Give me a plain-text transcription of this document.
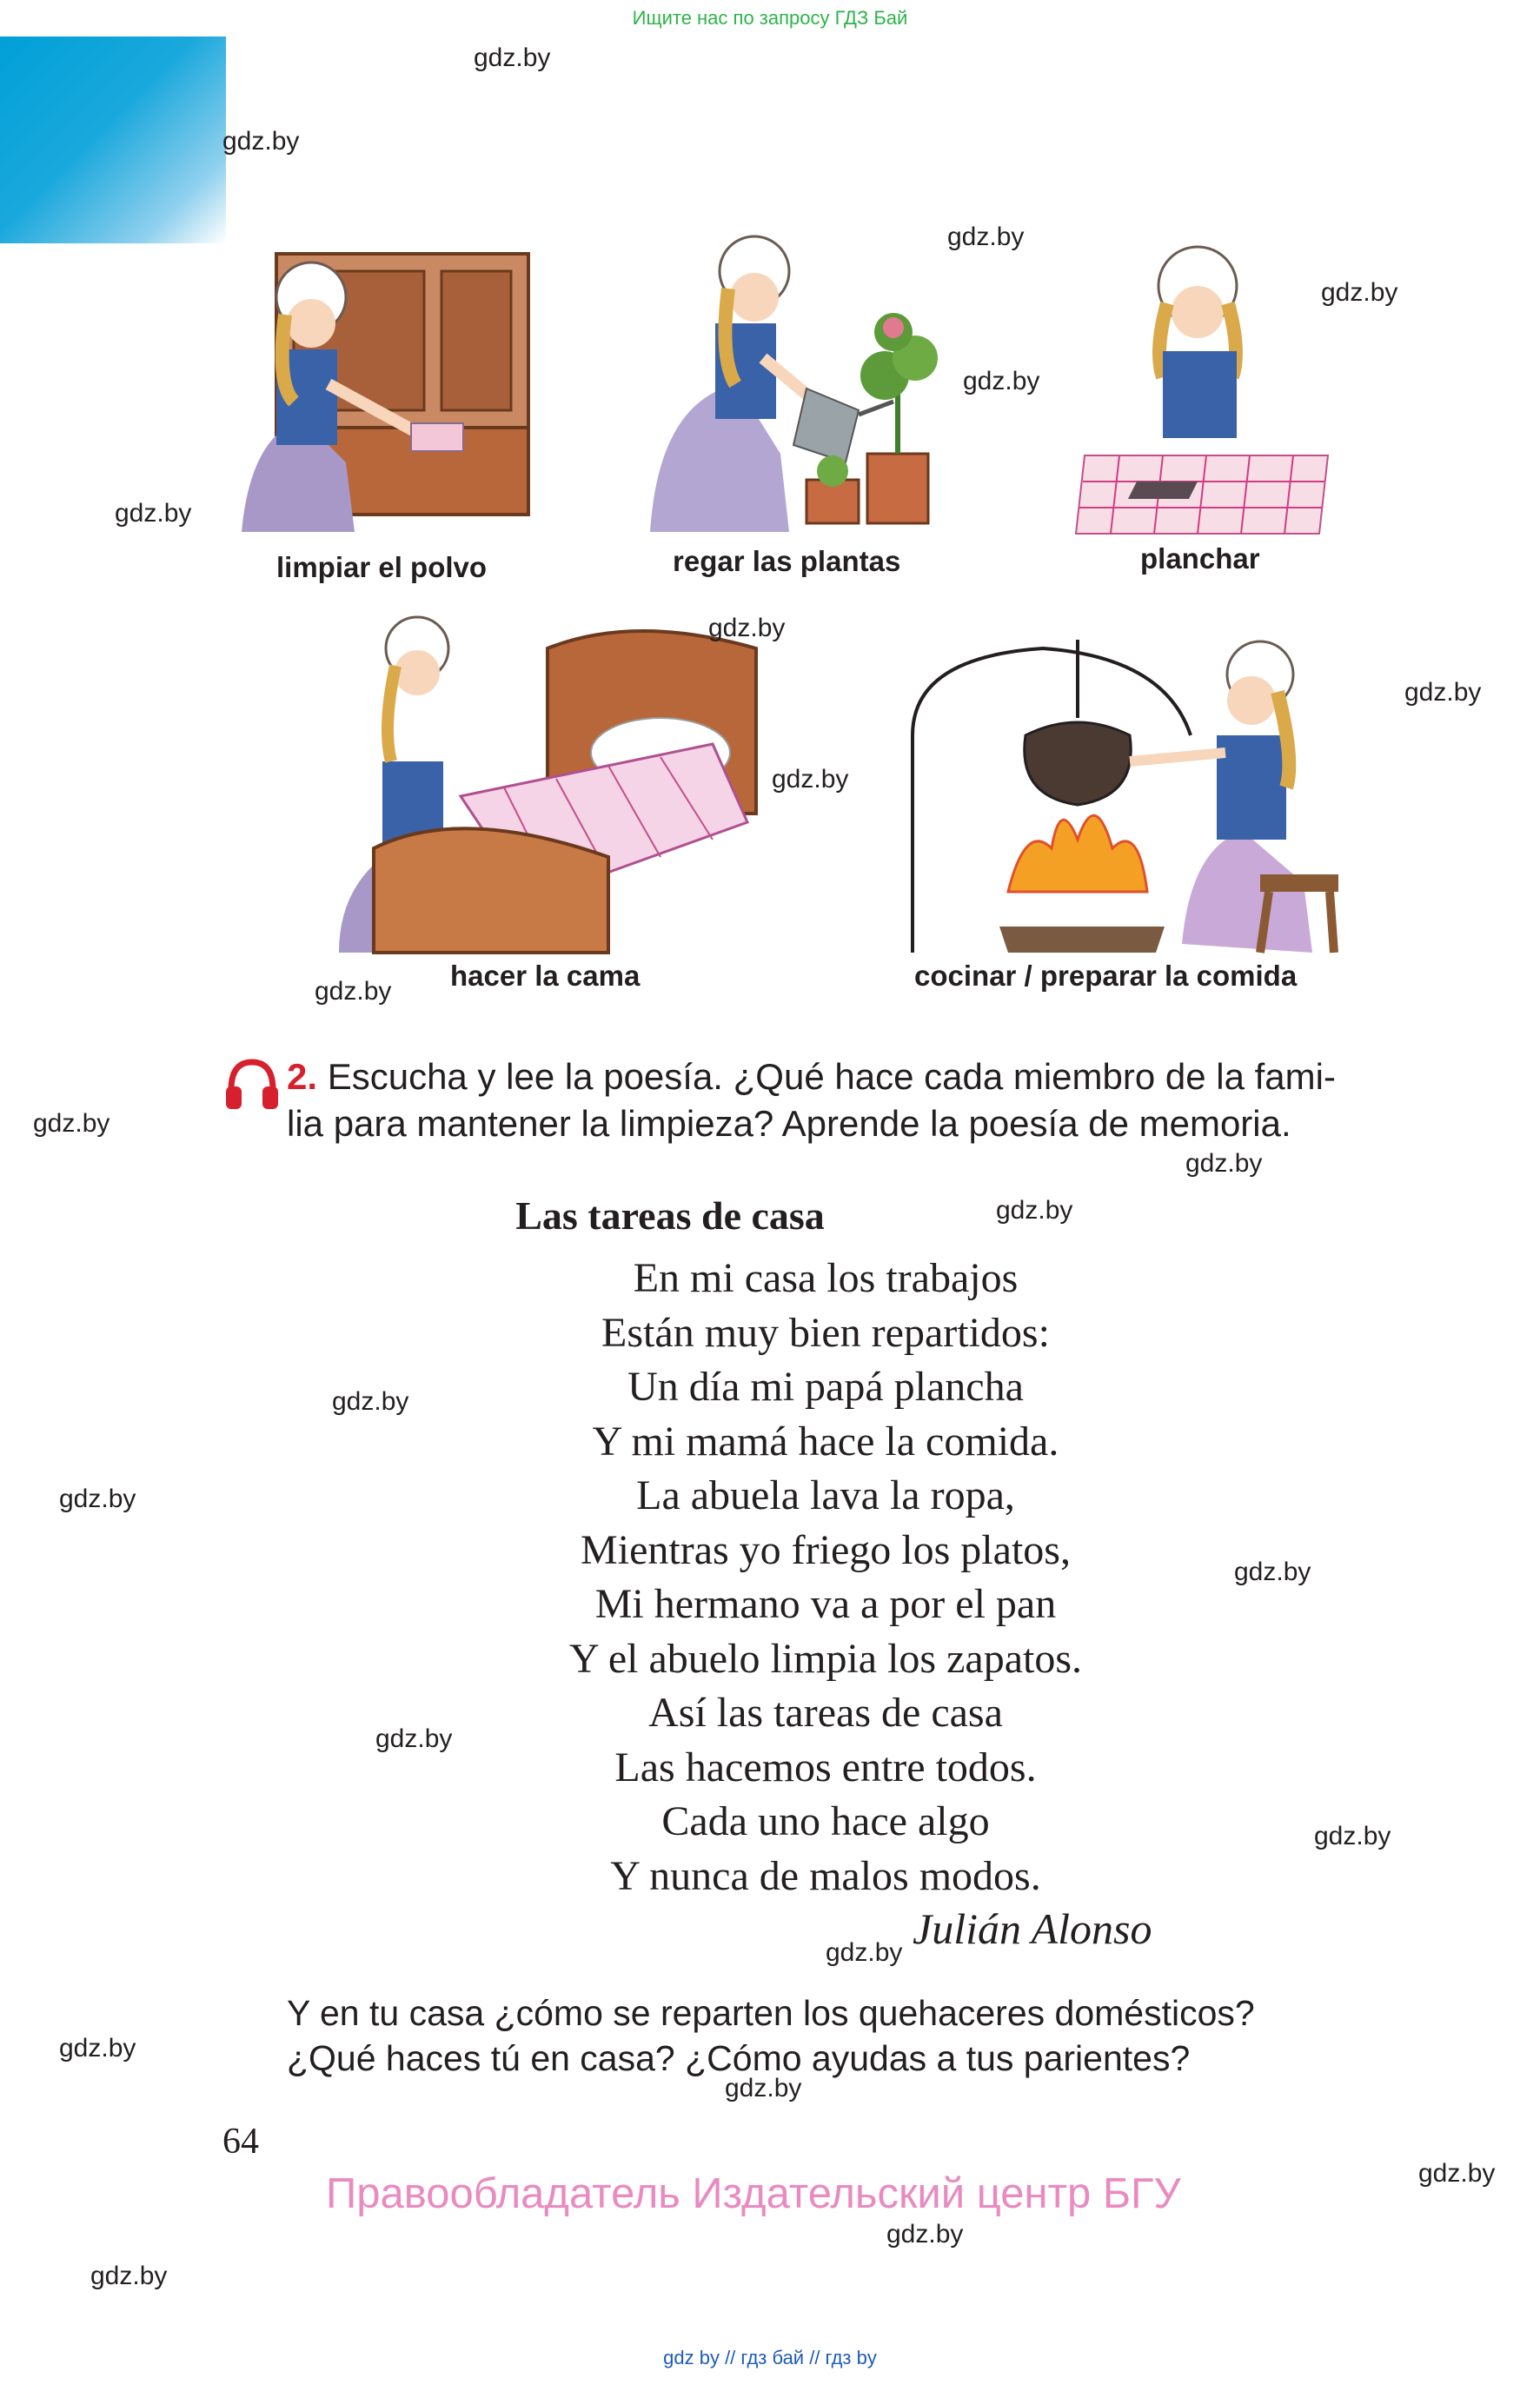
Ищите нас по запросу ГДЗ Бай
limpiar el polvo	regar las plantas	planchar
hacer la cama	cocinar / preparar la comida
2. Escucha y lee la poesía. ¿Qué hace cada miembro de la fami-
lia para mantener la limpieza? Aprende la poesía de memoria.
Las tareas de casa
En mi casa los trabajos
Están muy bien repartidos:
Un día mi papá plancha
Y mi mamá hace la comida.
La abuela lava la ropa,
Mientras yo friego los platos,
Mi hermano va a por el pan
Y el abuelo limpia los zapatos.
Así las tareas de casa
Las hacemos entre todos.
Cada uno hace algo
Y nunca de malos modos.
Julián Alonso
Y en tu casa ¿cómo se reparten los quehaceres domésticos?
¿Qué haces tú en casa? ¿Cómo ayudas a tus parientes?
64
Правообладатель Издательский центр БГУ
gdz by // гдз бай // гдз by
gdz.by
gdz.by
gdz.by
gdz.by
gdz.by
gdz.by
gdz.by
gdz.by
gdz.by
gdz.by
gdz.by
gdz.by
gdz.by
gdz.by
gdz.by
gdz.by
gdz.by
gdz.by
gdz.by
gdz.by
gdz.by
gdz.by
gdz.by
gdz.by
